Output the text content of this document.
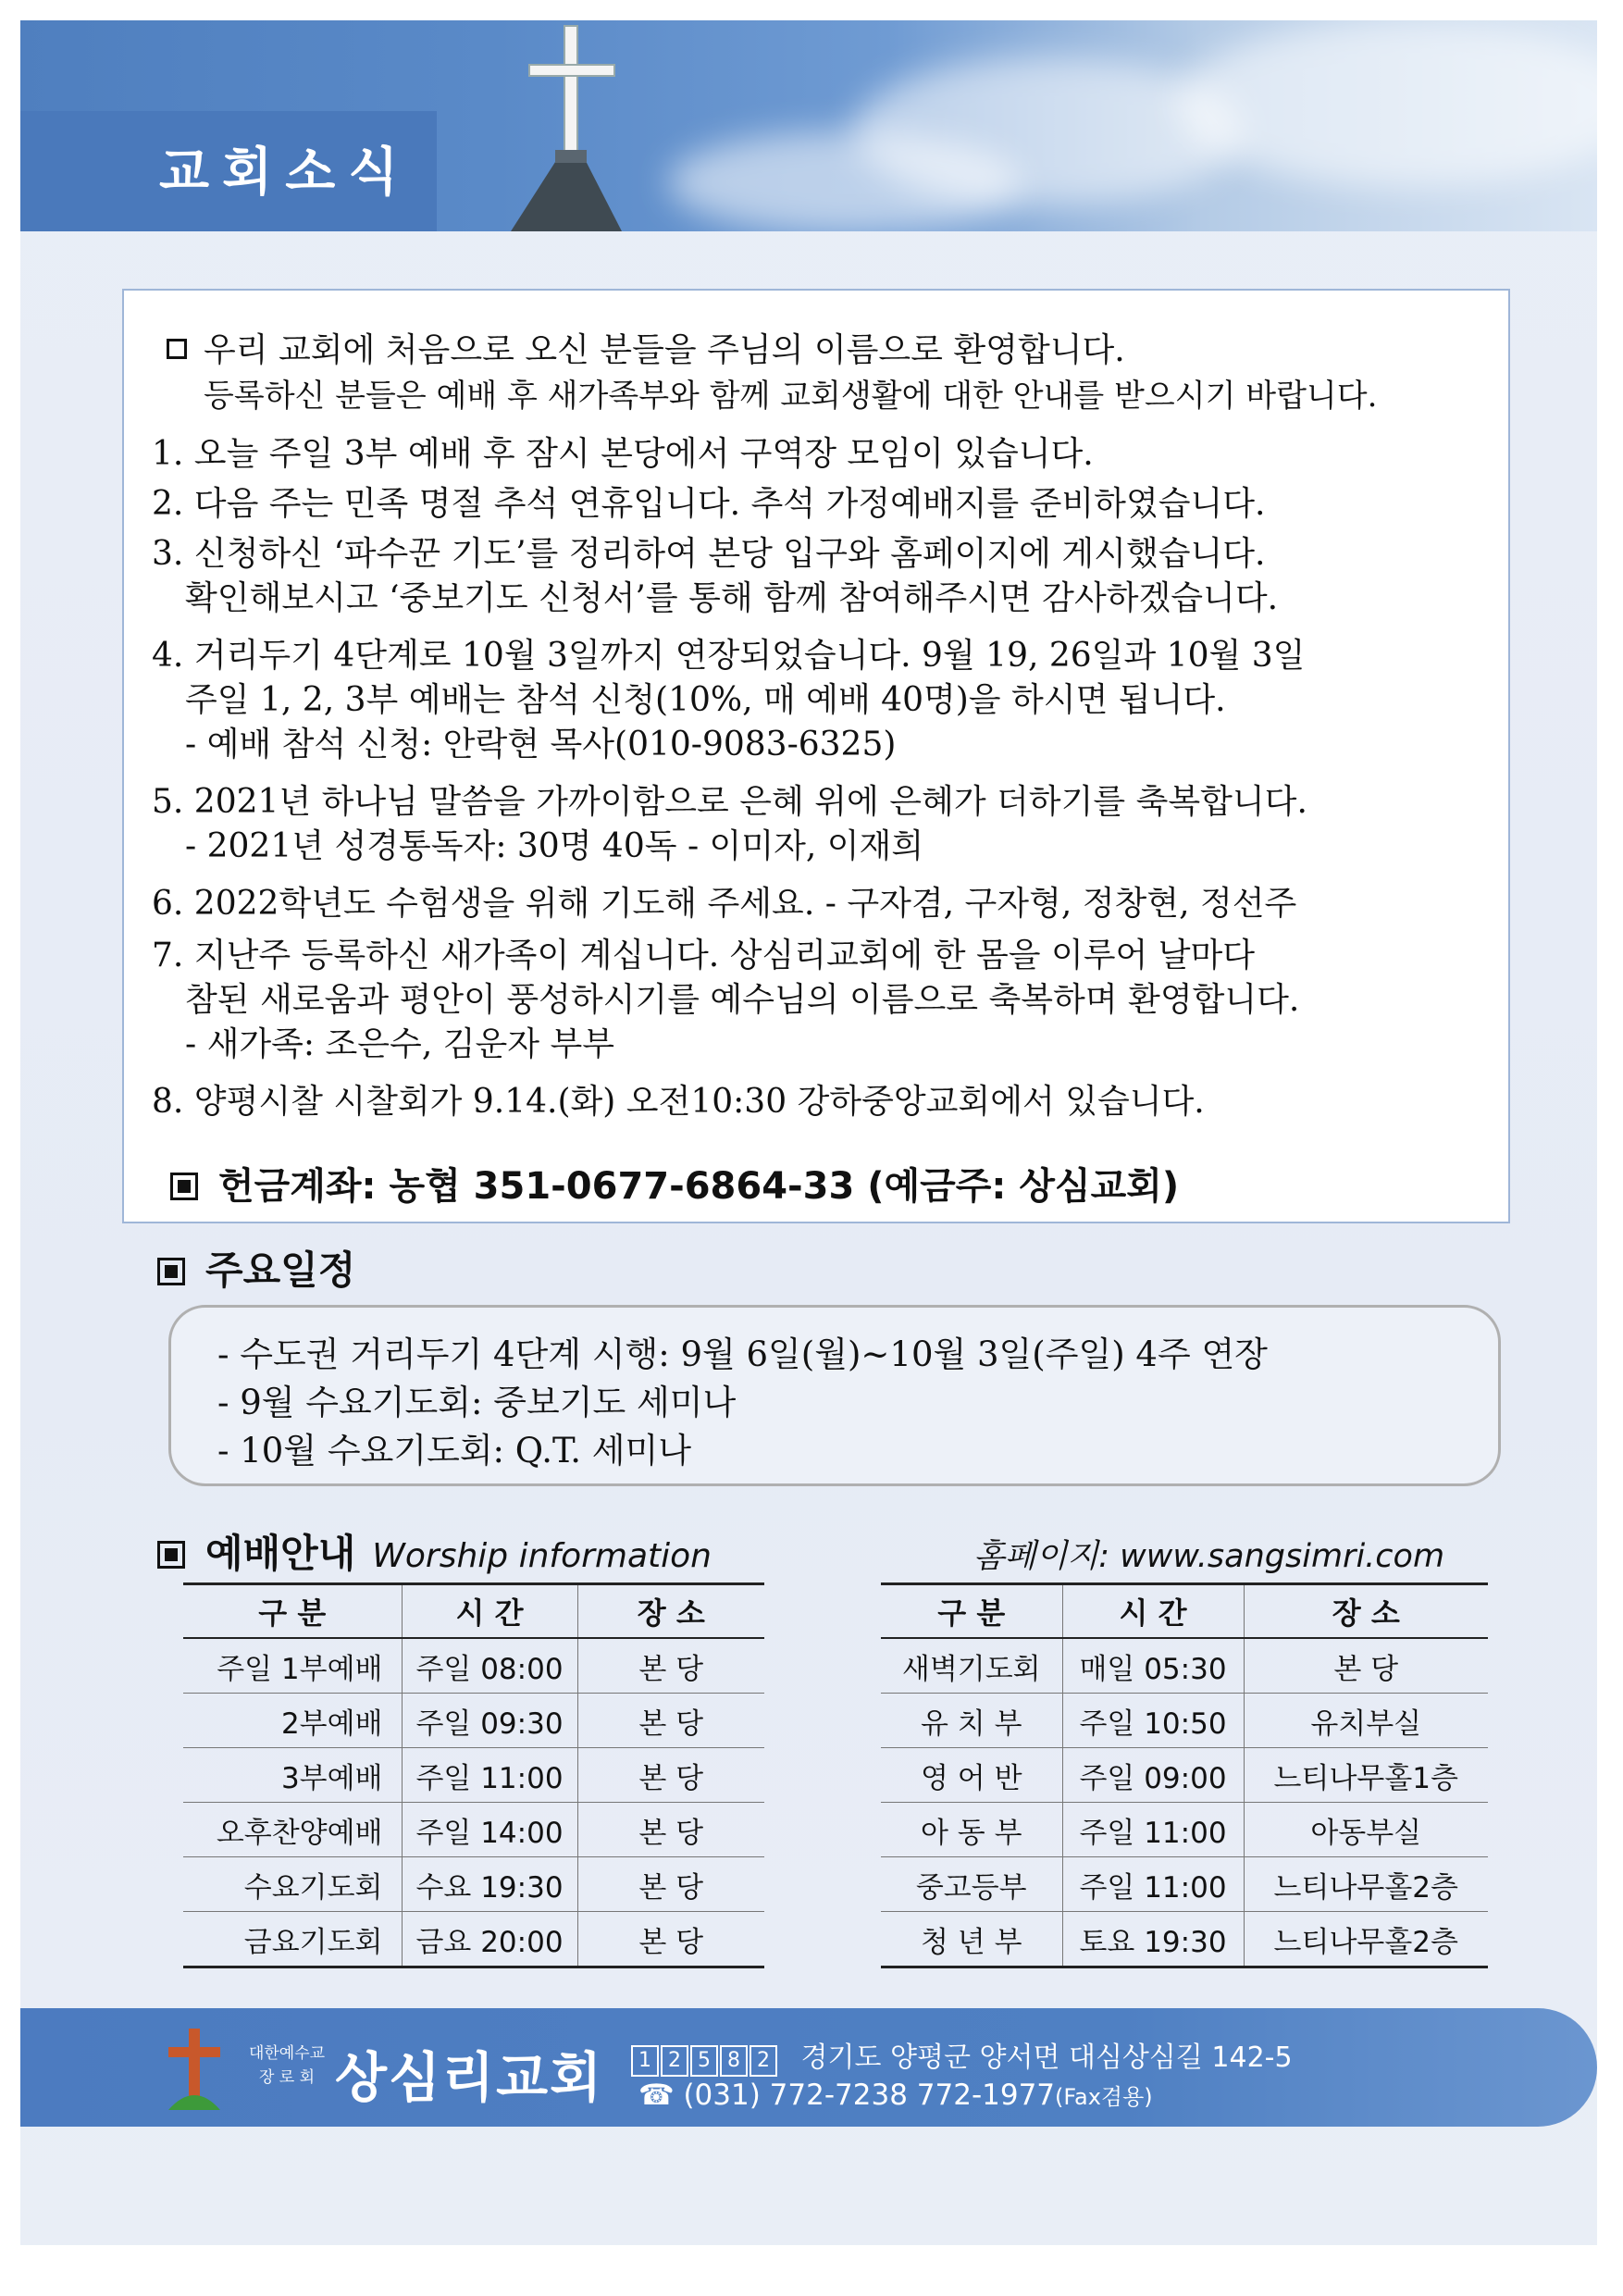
교회소식
우리 교회에 처음으로 오신 분들을 주님의 이름으로 환영합니다.
등록하신 분들은 예배 후 새가족부와 함께 교회생활에 대한 안내를 받으시기 바랍니다.
1. 오늘 주일 3부 예배 후 잠시 본당에서 구역장 모임이 있습니다.
2. 다음 주는 민족 명절 추석 연휴입니다. 추석 가정예배지를 준비하였습니다.
3. 신청하신 ‘파수꾼 기도’를 정리하여 본당 입구와 홈페이지에 게시했습니다.
확인해보시고 ‘중보기도 신청서’를 통해 함께 참여해주시면 감사하겠습니다.
4. 거리두기 4단계로 10월 3일까지 연장되었습니다. 9월 19, 26일과 10월 3일
주일 1, 2, 3부 예배는 참석 신청(10%, 매 예배 40명)을 하시면 됩니다.
- 예배 참석 신청: 안락현 목사(010-9083-6325)
5. 2021년 하나님 말씀을 가까이함으로 은혜 위에 은혜가 더하기를 축복합니다.
- 2021년 성경통독자: 30명 40독 - 이미자, 이재희
6. 2022학년도 수험생을 위해 기도해 주세요. - 구자겸, 구자형, 정창현, 정선주
7. 지난주 등록하신 새가족이 계십니다. 상심리교회에 한 몸을 이루어 날마다
참된 새로움과 평안이 풍성하시기를 예수님의 이름으로 축복하며 환영합니다.
- 새가족: 조은수, 김운자 부부
8. 양평시찰 시찰회가 9.14.(화) 오전10:30 강하중앙교회에서 있습니다.
헌금계좌: 농협 351-0677-6864-33 (예금주: 상심교회)
주요일정
- 수도권 거리두기 4단계 시행: 9월 6일(월)~10월 3일(주일) 4주 연장
- 9월 수요기도회: 중보기도 세미나
- 10월 수요기도회: Q.T. 세미나
예배안내 Worship information	홈페이지: www.sangsimri.com
구 분	시 간	장 소
주일 1부예배	주일 08:00	본 당
2부예배	주일 09:30	본 당
3부예배	주일 11:00	본 당
오후찬양예배	주일 14:00	본 당
수요기도회	수요 19:30	본 당
금요기도회	금요 20:00	본 당
구 분	시 간	장 소
새벽기도회	매일 05:30	본 당
유 치 부	주일 10:50	유치부실
영 어 반	주일 09:00	느티나무홀1층
아 동 부	주일 11:00	아동부실
중고등부	주일 11:00	느티나무홀2층
청 년 부	토요 19:30	느티나무홀2층
대한예수교
장 로 회 상심리교회	1 2 5 8 2 경기도 양평군 양서면 대심상심길 142-5
☎ (031) 772-7238 772-1977(Fax겸용)
